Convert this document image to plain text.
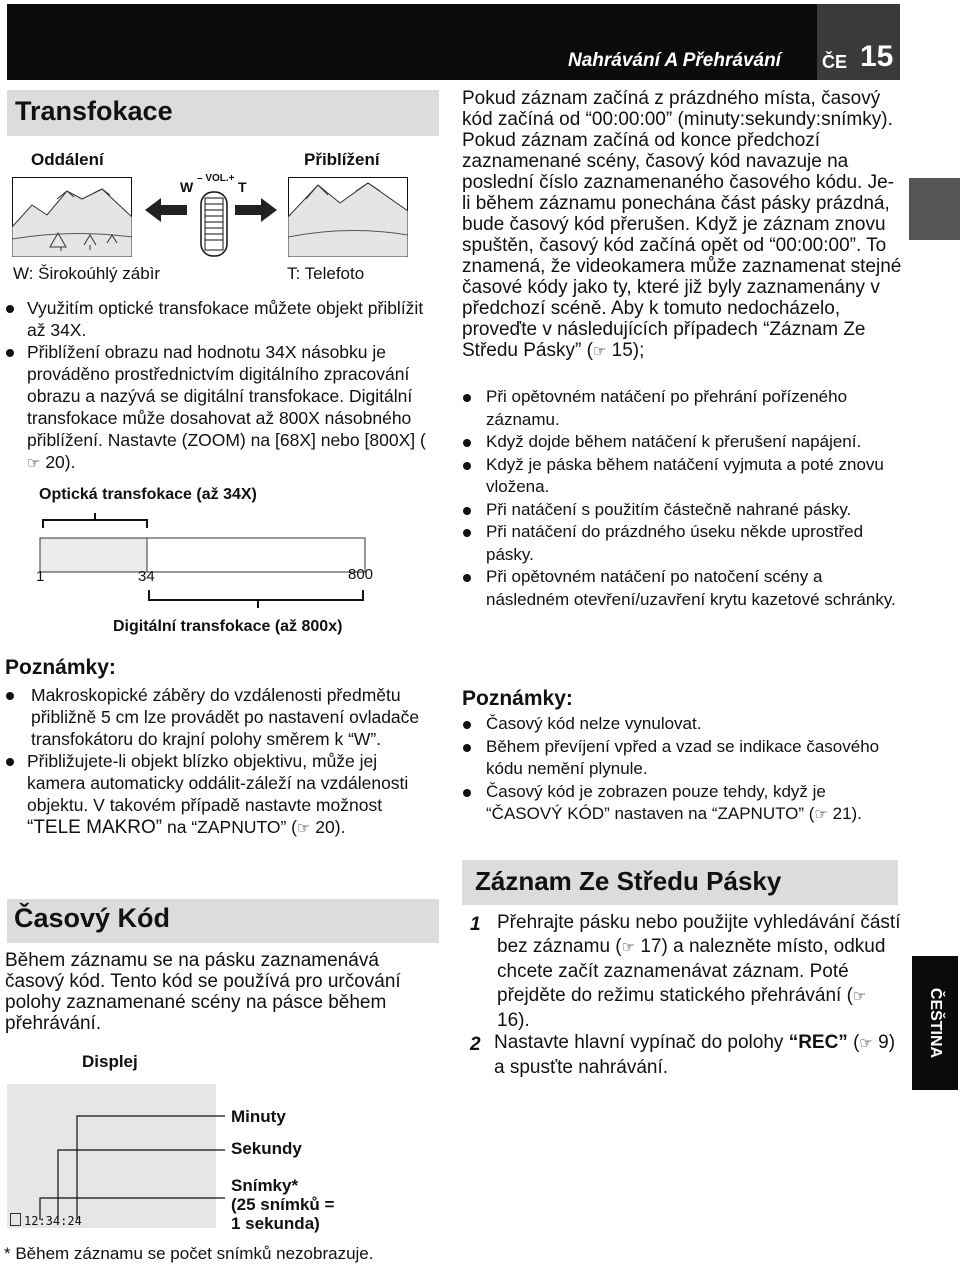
Nahrávání A Přehrávání ČE 15
ČEŠTINA
Transfokace
Oddálení	Přiblížení
W
– VOL.+
T
W: Širokoúhlý zábìr	T: Telefoto
Využitím optické transfokace můžete objekt přiblížit až 34X.
Přiblížení obrazu nad hodnotu 34X násobku je prováděno prostřednictvím digitálního zpracování obrazu a nazývá se digitální transfokace. Digitální transfokace může dosahovat až 800X násobného přiblížení. Nastavte (ZOOM) na [68X] nebo [800X] (☞ 20).
Optická transfokace (až 34X)
1	34	800
Digitální transfokace (až 800x)
Poznámky:
Makroskopické záběry do vzdálenosti předmětu přibližně 5 cm lze provádět po nastavení ovladače transfokátoru do krajní polohy směrem k “W”.
Přibližujete-li objekt blízko objektivu, může jej kamera automaticky oddálit-záleží na vzdálenosti objektu. V takovém případě nastavte možnost “TELE MAKRO” na “ZAPNUTO” (☞ 20).
Časový Kód
Během záznamu se na pásku zaznamenává časový kód. Tento kód se používá pro určování polohy zaznamenané scény na pásce během přehrávání.
Displej
12:34:24
Minuty
Sekundy
Snímky*
(25 snímků =
1 sekunda)
* Během záznamu se počet snímků nezobrazuje.
Pokud záznam začíná z prázdného místa, časový kód začíná od “00:00:00” (minuty:sekundy:snímky). Pokud záznam začíná od konce předchozí zaznamenané scény, časový kód navazuje na poslední číslo zaznamenaného časového kódu. Je-li během záznamu ponechána část pásky prázdná, bude časový kód přerušen. Když je záznam znovu spuštěn, časový kód začíná opět od “00:00:00”. To znamená, že videokamera může zaznamenat stejné časové kódy jako ty, které již byly zaznamenány v předchozí scéně. Aby k tomuto nedocházelo, proveďte v následujících případech “Záznam Ze Středu Pásky” (☞ 15);
Při opětovném natáčení po přehrání pořízeného záznamu.
Když dojde během natáčení k přerušení napájení.
Když je páska během natáčení vyjmuta a poté znovu vložena.
Při natáčení s použitím částečně nahrané pásky.
Při natáčení do prázdného úseku někde uprostřed pásky.
Při opětovném natáčení po natočení scény a následném otevření/uzavření krytu kazetové schránky.
Poznámky:
Časový kód nelze vynulovat.
Během převíjení vpřed a vzad se indikace časového kódu nemění plynule.
Časový kód je zobrazen pouze tehdy, když je “ČASOVÝ KÓD” nastaven na “ZAPNUTO” (☞ 21).
Záznam Ze Středu Pásky
1 Přehrajte pásku nebo použijte vyhledávání částí bez záznamu (☞ 17) a nalezněte místo, odkud chcete začít zaznamenávat záznam. Poté přejděte do režimu statického přehrávání (☞ 16).
2 Nastavte hlavní vypínač do polohy “REC” (☞ 9) a spusťte nahrávání.
